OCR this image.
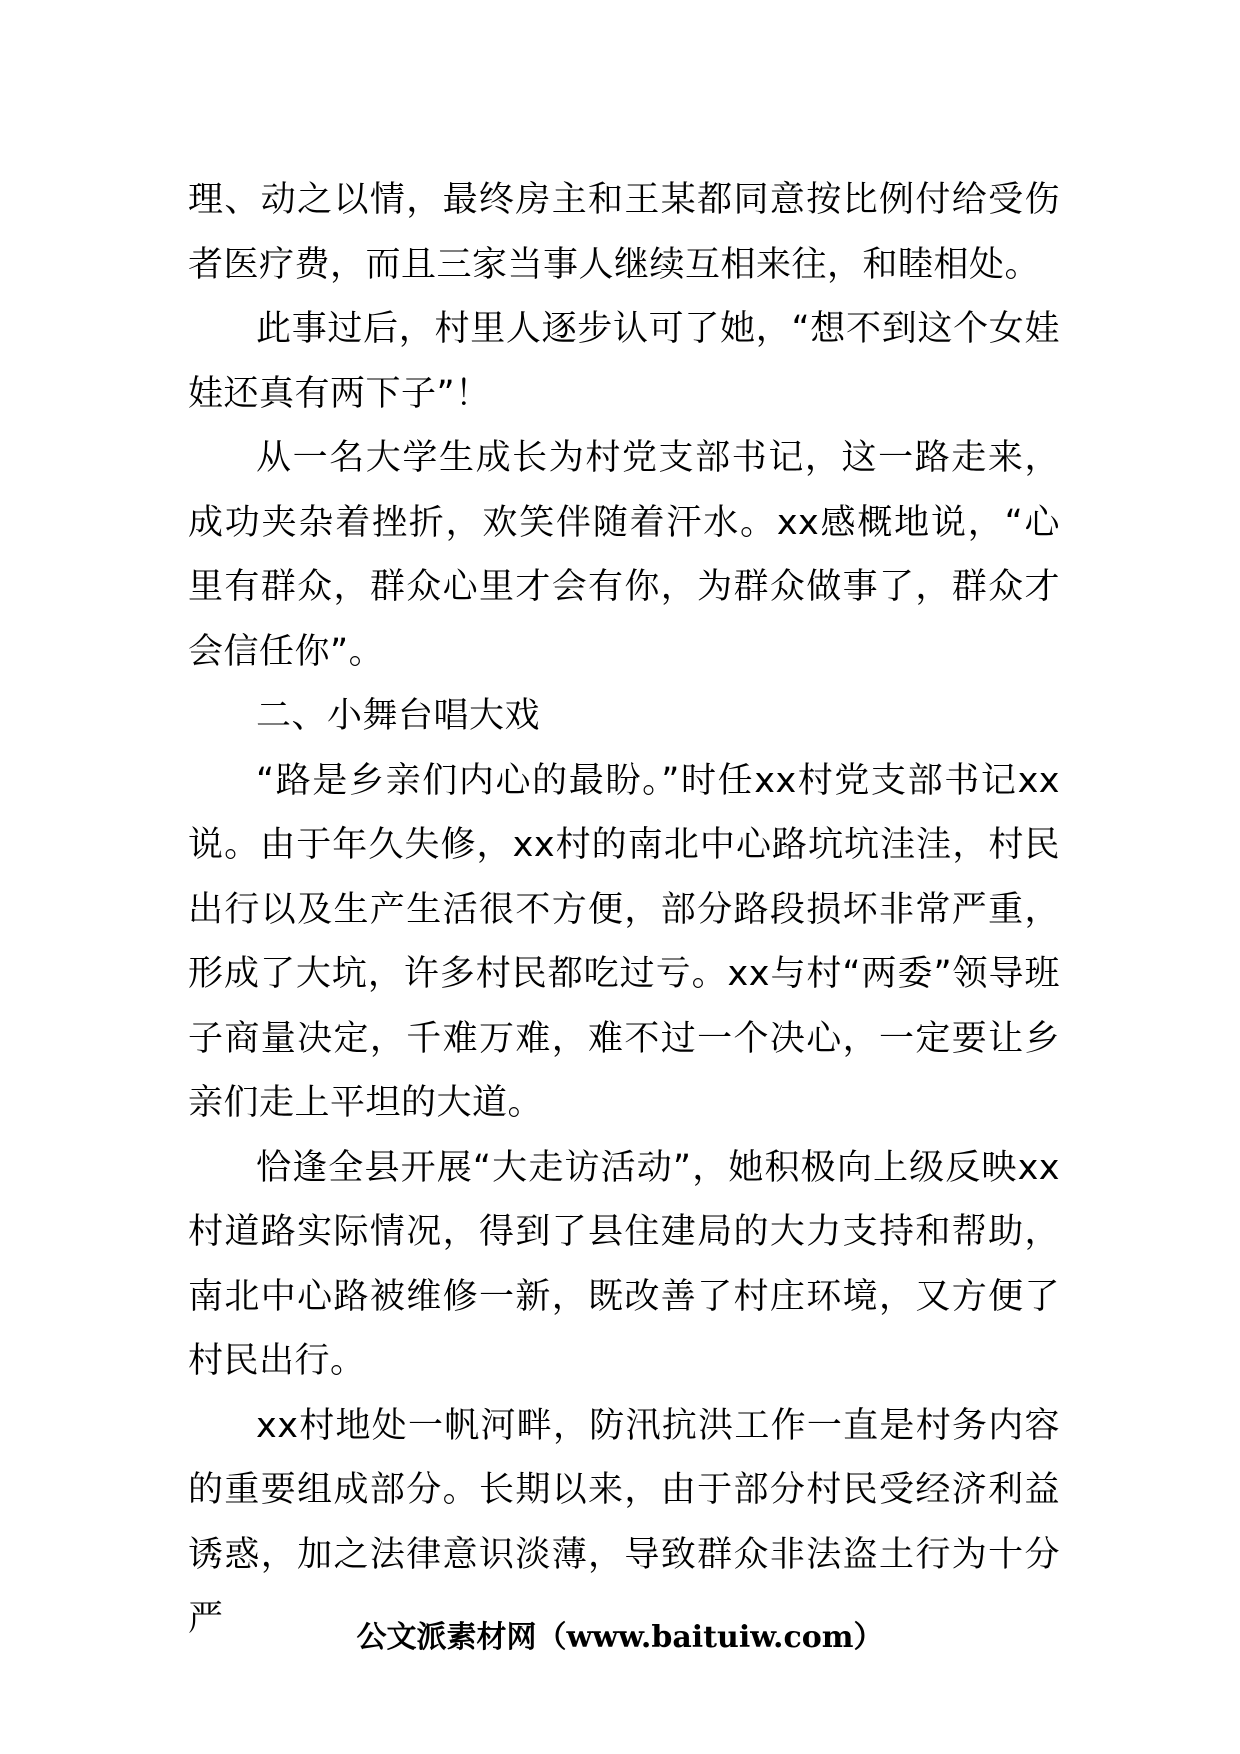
理、动之以情，最终房主和王某都同意按比例付给受伤者医疗费，而且三家当事人继续互相来往，和睦相处。

此事过后，村里人逐步认可了她，“想不到这个女娃娃还真有两下子”！

从一名大学生成长为村党支部书记，这一路走来，成功夹杂着挫折，欢笑伴随着汗水。xx感概地说，“心里有群众，群众心里才会有你，为群众做事了，群众才会信任你”。

二、小舞台唱大戏

“路是乡亲们内心的最盼。”时任xx村党支部书记xx说。由于年久失修，xx村的南北中心路坑坑洼洼，村民出行以及生产生活很不方便，部分路段损坏非常严重，形成了大坑，许多村民都吃过亏。xx与村“两委”领导班子商量决定，千难万难，难不过一个决心，一定要让乡亲们走上平坦的大道。

恰逢全县开展“大走访活动”，她积极向上级反映xx村道路实际情况，得到了县住建局的大力支持和帮助，南北中心路被维修一新，既改善了村庄环境，又方便了村民出行。

xx村地处一帆河畔，防汛抗洪工作一直是村务内容的重要组成部分。长期以来，由于部分村民受经济利益诱惑，加之法律意识淡薄，导致群众非法盗土行为十分严	公文派素材网（www.baituiw.com）
